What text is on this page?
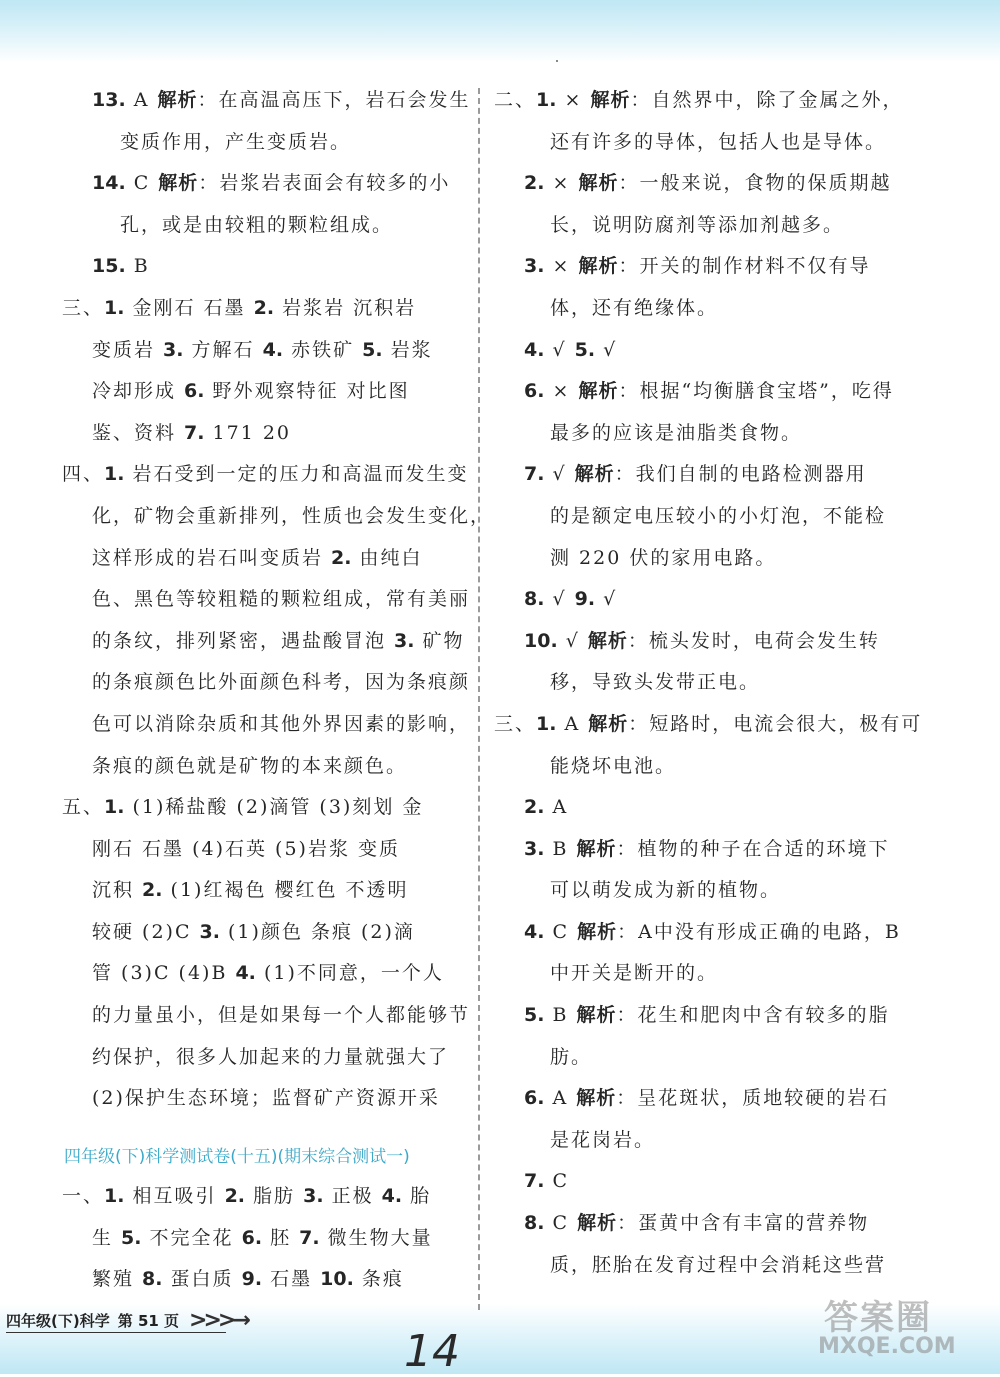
13. A 解析：在高温高压下，岩石会发生
变质作用，产生变质岩。
14. C 解析：岩浆岩表面会有较多的小
孔，或是由较粗的颗粒组成。
15. B
三、1. 金刚石 石墨 2. 岩浆岩 沉积岩
变质岩 3. 方解石 4. 赤铁矿 5. 岩浆
冷却形成 6. 野外观察特征 对比图
鉴、资料 7. 171 20
四、1. 岩石受到一定的压力和高温而发生变
化，矿物会重新排列，性质也会发生变化，
这样形成的岩石叫变质岩 2. 由纯白
色、黑色等较粗糙的颗粒组成，常有美丽
的条纹，排列紧密，遇盐酸冒泡 3. 矿物
的条痕颜色比外面颜色科考，因为条痕颜
色可以消除杂质和其他外界因素的影响，
条痕的颜色就是矿物的本来颜色。
五、1. (1)稀盐酸 (2)滴管 (3)刻划 金
刚石 石墨 (4)石英 (5)岩浆 变质
沉积 2. (1)红褐色 樱红色 不透明
较硬 (2)C 3. (1)颜色 条痕 (2)滴
管 (3)C (4)B 4. (1)不同意，一个人
的力量虽小，但是如果每一个人都能够节
约保护，很多人加起来的力量就强大了
(2)保护生态环境；监督矿产资源开采
二、1. × 解析：自然界中，除了金属之外，
还有许多的导体，包括人也是导体。
2. × 解析：一般来说，食物的保质期越
长，说明防腐剂等添加剂越多。
3. × 解析：开关的制作材料不仅有导
体，还有绝缘体。
4. √ 5. √
6. × 解析：根据“均衡膳食宝塔”，吃得
最多的应该是油脂类食物。
7. √ 解析：我们自制的电路检测器用
的是额定电压较小的小灯泡，不能检
测 220 伏的家用电路。
8. √ 9. √
10. √ 解析：梳头发时，电荷会发生转
移，导致头发带正电。
三、1. A 解析：短路时，电流会很大，极有可
能烧坏电池。
2. A
3. B 解析：植物的种子在合适的环境下
可以萌发成为新的植物。
4. C 解析：A中没有形成正确的电路，B
中开关是断开的。
5. B 解析：花生和肥肉中含有较多的脂
肪。
6. A 解析：呈花斑状，质地较硬的岩石
是花岗岩。
7. C
8. C 解析：蛋黄中含有丰富的营养物
质，胚胎在发育过程中会消耗这些营
四年级(下)科学测试卷(十五)(期末综合测试一)
一、1. 相互吸引 2. 脂肪 3. 正极 4. 胎
生 5. 不完全花 6. 胚 7. 微生物大量
繁殖 8. 蛋白质 9. 石墨 10. 条痕
四年级(下)科学 第 51 页 >>>→
14
答案圈
MXQE.COM
